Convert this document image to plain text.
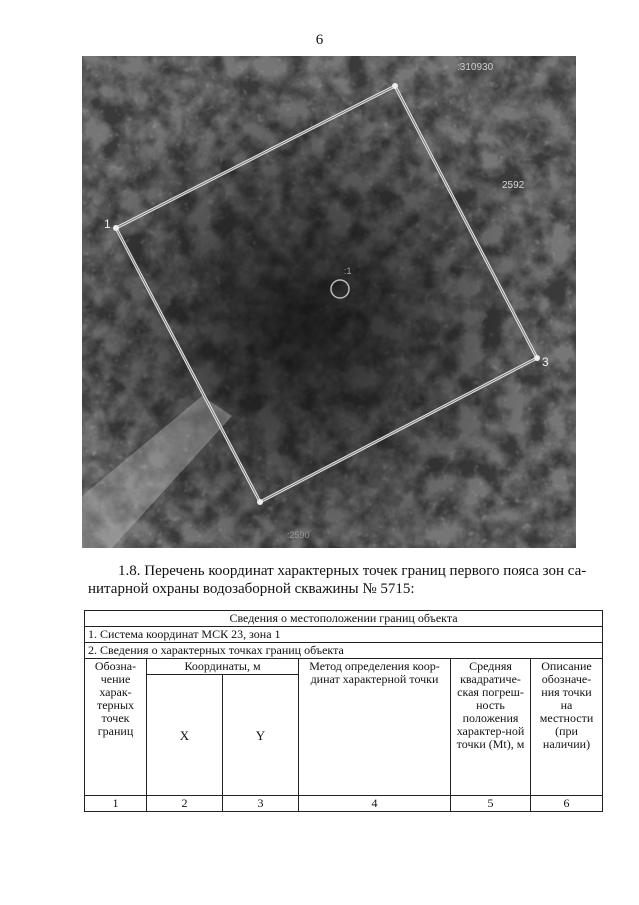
6
:310930
2592
:1
:2590
3
1
1.8. Перечень координат характерных точек границ первого пояса зон са-
нитарной охраны водозаборной скважины № 5715:
Сведения о местоположении границ объекта					
1. Система координат МСК 23, зона 1					
2. Сведения о характерных точках границ объекта					
Обозна-чение харак-терных точек границ	Координаты, м		Метод определения коор-динат характерной точки	Средняя квадратиче-ская погреш-ность положения характер-ной точки (Mt), м	Описание обозначе-ния точки на местности (при наличии)
	X	Y			
1	2	3	4	5	6
